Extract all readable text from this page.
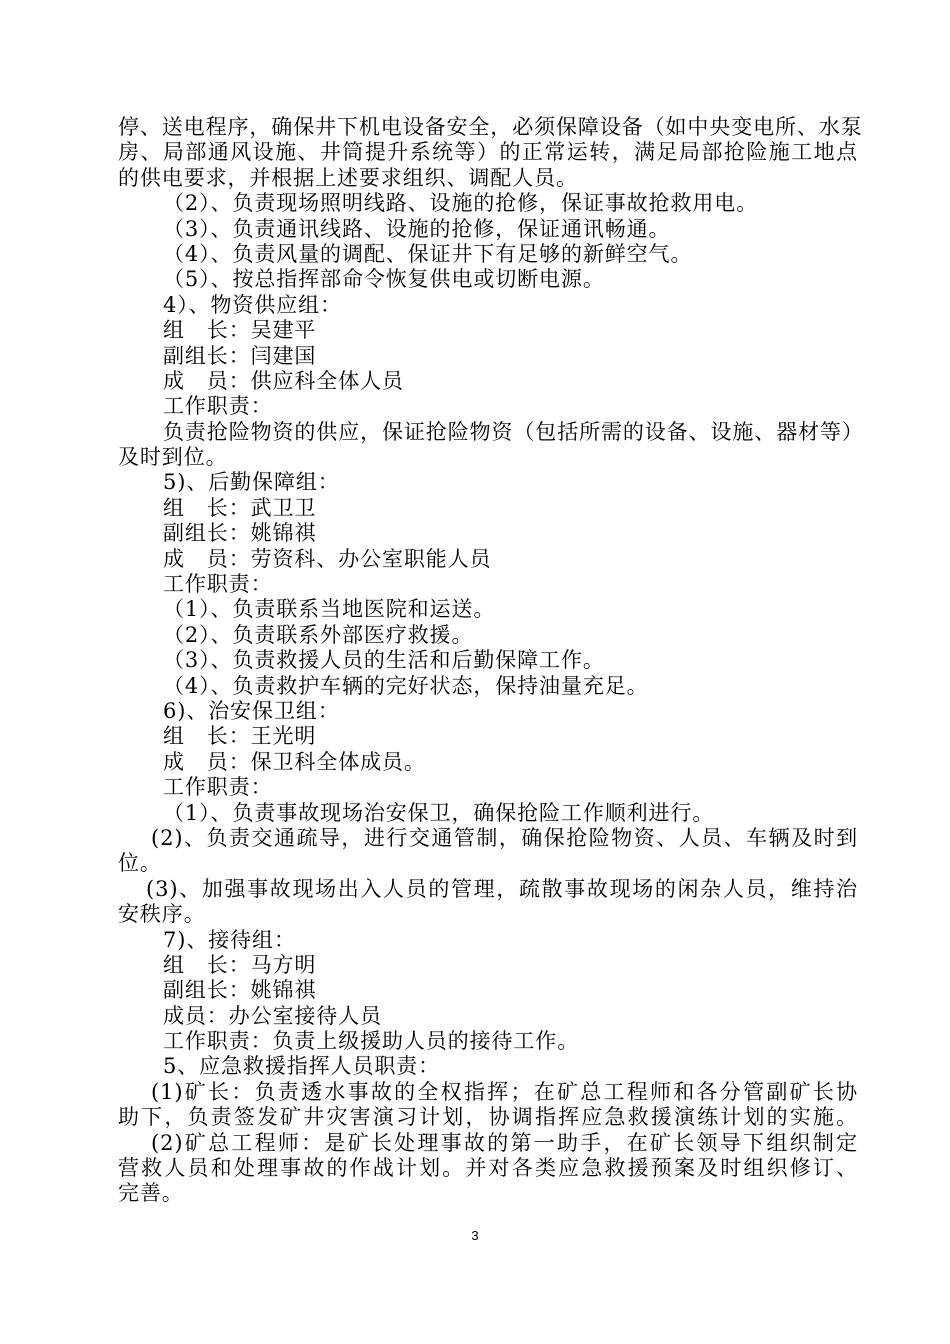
停、送电程序，确保井下机电设备安全，必须保障设备（如中央变电所、水泵
房、局部通风设施、井筒提升系统等）的正常运转，满足局部抢险施工地点
的供电要求，并根据上述要求组织、调配人员。
（2）、负责现场照明线路、设施的抢修，保证事故抢救用电。
（3）、负责通讯线路、设施的抢修，保证通讯畅通。
（4）、负责风量的调配、保证井下有足够的新鲜空气。
（5）、按总指挥部命令恢复供电或切断电源。
4）、物资供应组：
组　长：吴建平
副组长：闫建国
成　员：供应科全体人员
工作职责：
负责抢险物资的供应，保证抢险物资（包括所需的设备、设施、器材等）
及时到位。
5)、后勤保障组：
组　长：武卫卫
副组长：姚锦祺
成　员：劳资科、办公室职能人员
工作职责：
（1）、负责联系当地医院和运送。
（2）、负责联系外部医疗救援。
（3）、负责救援人员的生活和后勤保障工作。
（4）、负责救护车辆的完好状态，保持油量充足。
6)、治安保卫组：
组　长：王光明
成　员：保卫科全体成员。
工作职责：
（1）、负责事故现场治安保卫，确保抢险工作顺利进行。
(2)、负责交通疏导，进行交通管制，确保抢险物资、人员、车辆及时到
位。
(3)、加强事故现场出入人员的管理，疏散事故现场的闲杂人员，维持治
安秩序。
7)、接待组：
组　长：马方明
副组长：姚锦祺
成员：办公室接待人员
工作职责：负责上级援助人员的接待工作。
5、应急救援指挥人员职责：
(1)矿长：负责透水事故的全权指挥；在矿总工程师和各分管副矿长协
助下，负责签发矿井灾害演习计划，协调指挥应急救援演练计划的实施。
(2)矿总工程师：是矿长处理事故的第一助手，在矿长领导下组织制定
营救人员和处理事故的作战计划。并对各类应急救援预案及时组织修订、
完善。
3
